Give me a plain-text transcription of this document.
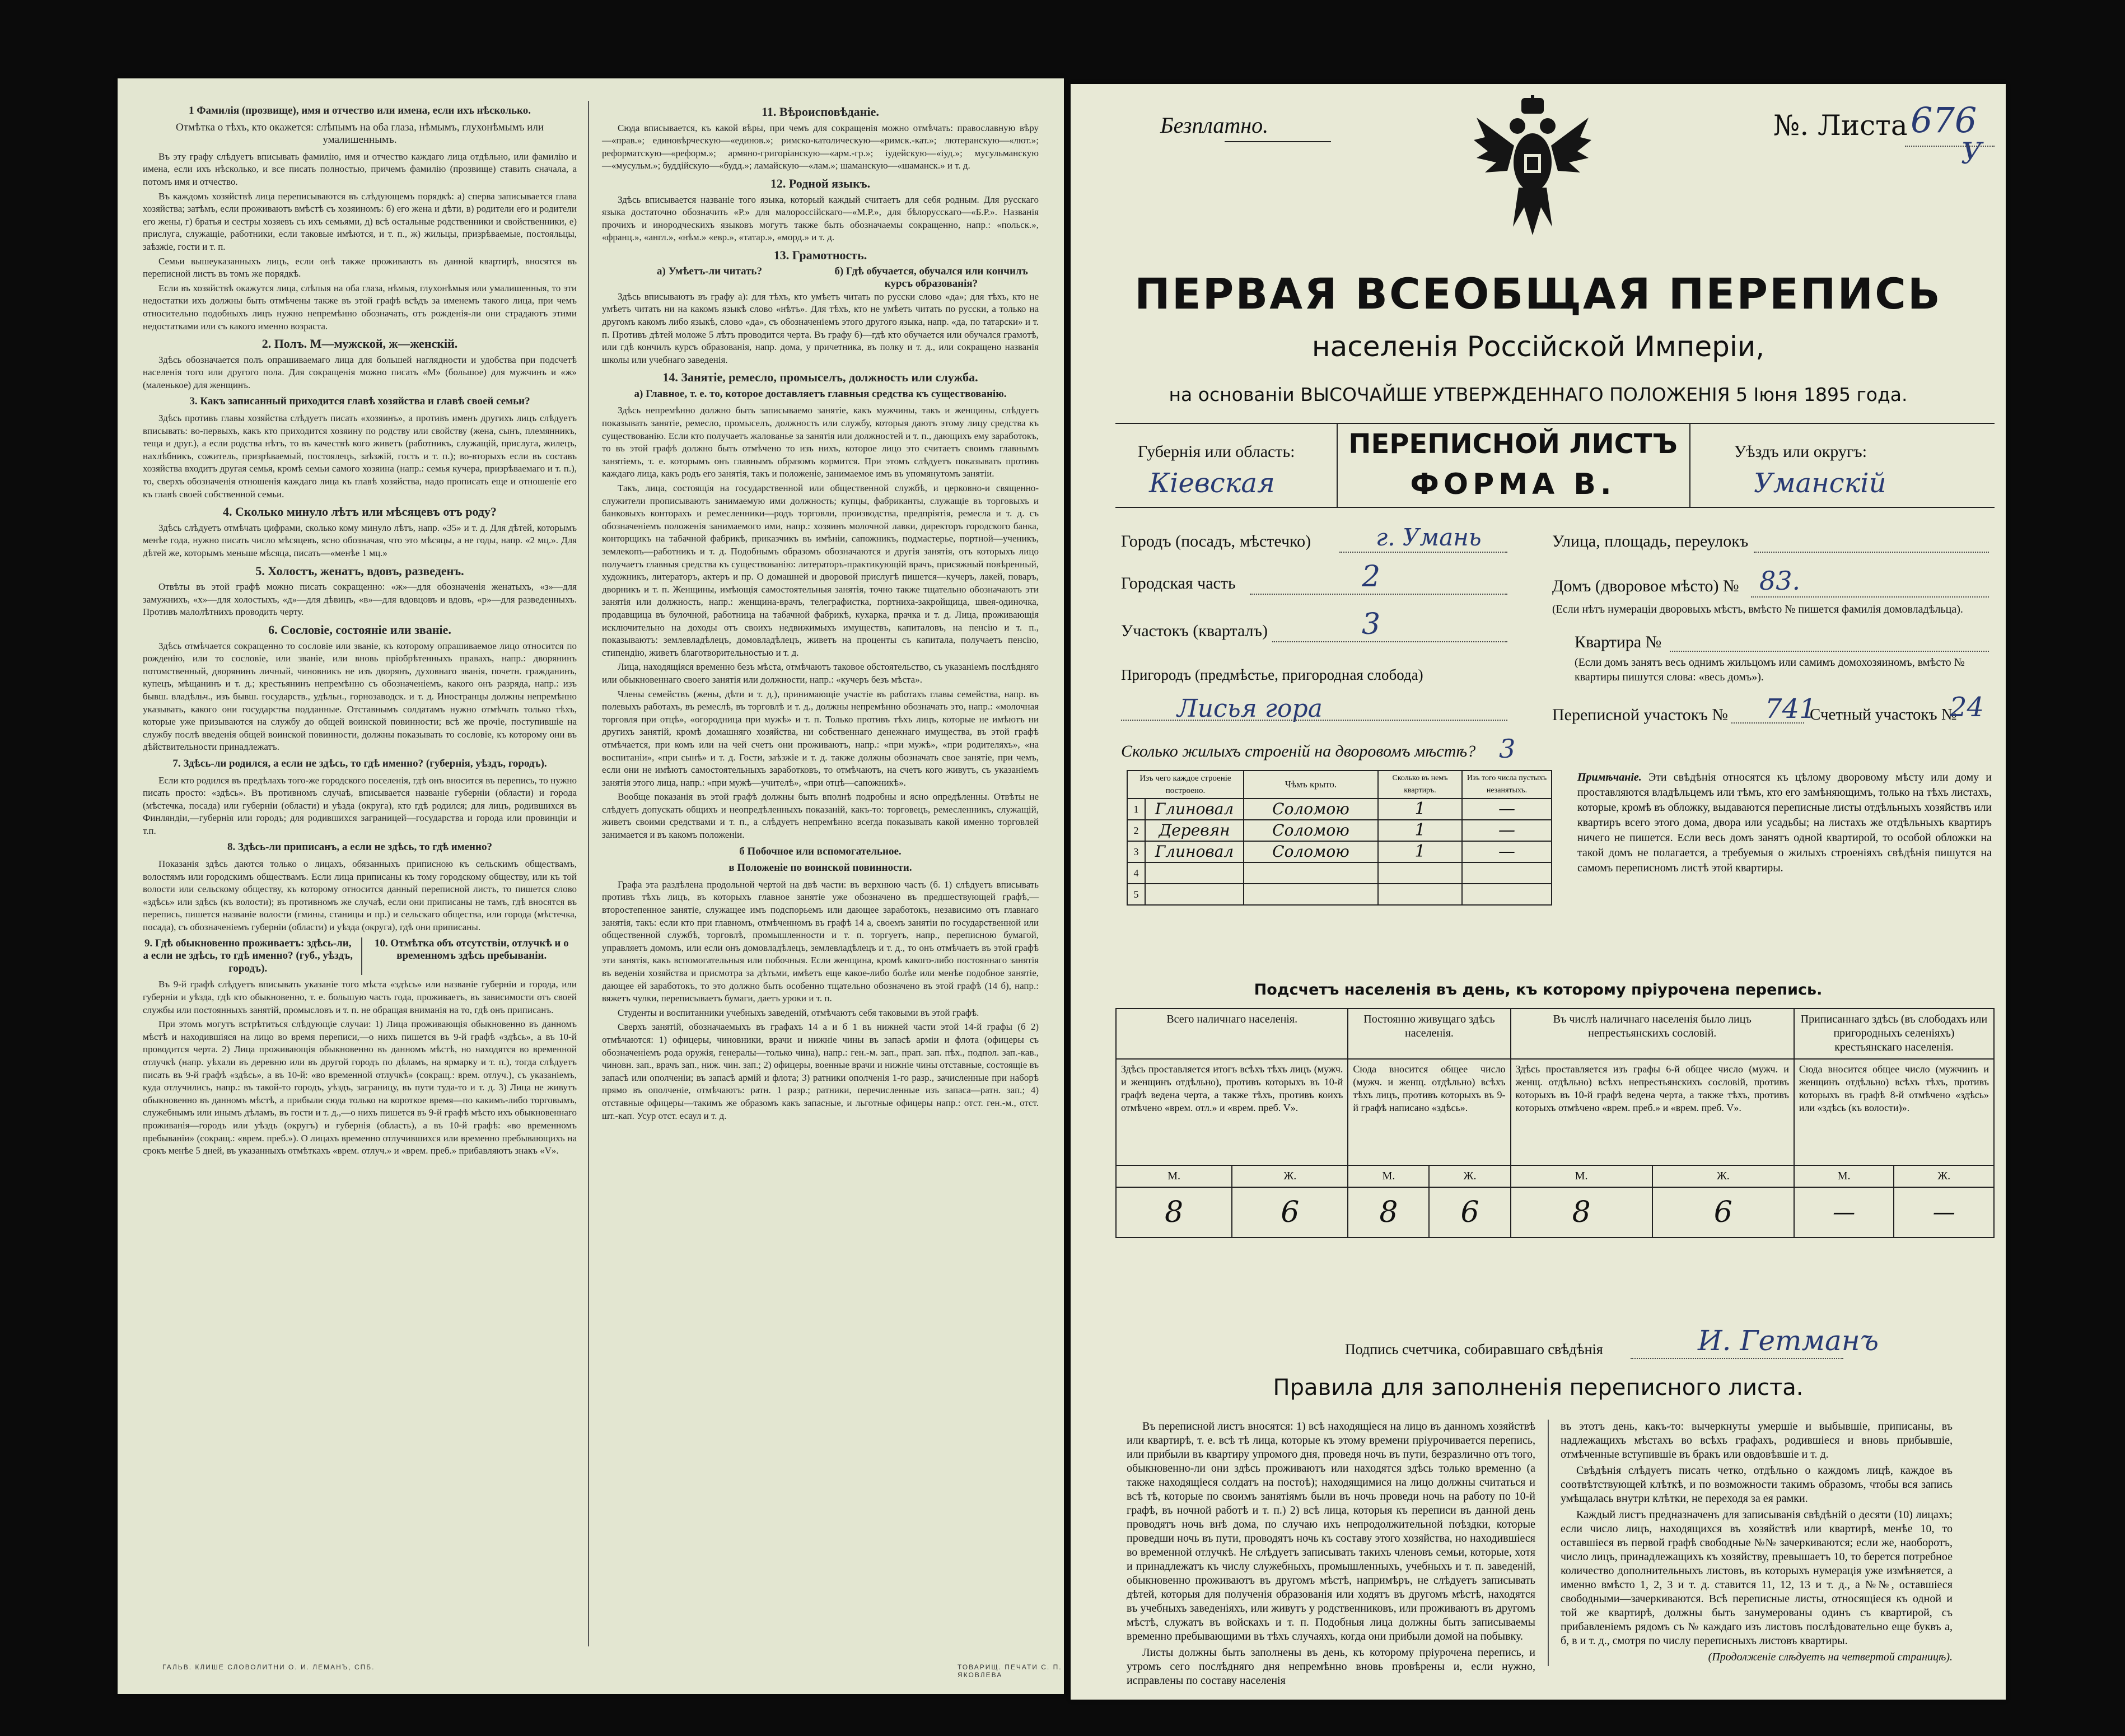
1 Фамилія (прозвище), имя и отчество или имена, если ихъ нѣсколько.
Отмѣтка о тѣхъ, кто окажется: слѣпымъ на оба глаза, нѣмымъ, глухонѣмымъ или умалишеннымъ.

Въ эту графу слѣдуетъ вписывать фамилію, имя и отчество каждаго лица отдѣльно, или фамилію и имена, если ихъ нѣсколько, и все писать полностью, причемъ фамилію (прозвище) ставить сначала, а потомъ имя и отчество.

Въ каждомъ хозяйствѣ лица переписываются въ слѣдующемъ порядкѣ: а) сперва записывается глава хозяйства; затѣмъ, если проживаютъ вмѣстѣ съ хозяиномъ: б) его жена и дѣти, в) родители его и родители его жены, г) братья и сестры хозяевъ съ ихъ семьями, д) всѣ остальные родственники и свойственники, е) прислуга, служащіе, работники, если таковые имѣются, и т. п., ж) жильцы, призрѣваемые, постояльцы, заѣзжіе, гости и т. п.

Семьи вышеуказанныхъ лицъ, если онѣ также проживаютъ въ данной квартирѣ, вносятся въ переписной листъ въ томъ же порядкѣ.

Если въ хозяйствѣ окажутся лица, слѣпыя на оба глаза, нѣмыя, глухонѣмыя или умалишенныя, то эти недостатки ихъ должны быть отмѣчены также въ этой графѣ всѣдъ за именемъ такого лица, при чемъ относительно подобныхъ лицъ нужно непремѣнно обозначать, отъ рожденія-ли они страдаютъ этими недостатками или съ какого именно возраста.

2. Полъ. М—мужской, ж—женскій.

Здѣсь обозначается полъ опрашиваемаго лица для большей наглядности и удобства при подсчетѣ населенія того или другого пола. Для сокращенія можно писать «М» (большое) для мужчинъ и «ж» (маленькое) для женщинъ.

3. Какъ записанный приходится главѣ хозяйства и главѣ своей семьи?

Здѣсь противъ главы хозяйства слѣдуетъ писать «хозяинъ», а противъ именъ другихъ лицъ слѣдуетъ вписывать: во-первыхъ, какъ кто приходится хозяину по родству или свойству (жена, сынъ, племянникъ, теща и друг.), а если родства нѣтъ, то въ качествѣ кого живетъ (работникъ, служащій, прислуга, жилецъ, нахлѣбникъ, сожитель, призрѣваемый, постоялецъ, заѣзжій, гость и т. п.); во-вторыхъ если въ составъ хозяйства входитъ другая семья, кромѣ семьи самого хозяина (напр.: семья кучера, призрѣваемаго и т. п.), то, сверхъ обозначенія отношенія каждаго лица къ главѣ хозяйства, надо прописать еще и отношеніе его къ главѣ своей собственной семьи.

4. Сколько минуло лѣтъ или мѣсяцевъ отъ роду?

Здѣсь слѣдуетъ отмѣчать цифрами, сколько кому минуло лѣтъ, напр. «35» и т. д. Для дѣтей, которымъ менѣе года, нужно писать число мѣсяцевъ, ясно обозначая, что это мѣсяцы, а не годы, напр. «2 мц.». Для дѣтей же, которымъ меньше мѣсяца, писать—«менѣе 1 мц.»

5. Холостъ, женатъ, вдовъ, разведенъ.

Отвѣты въ этой графѣ можно писать сокращенно: «ж»—для обозначенія женатыхъ, «з»—для замужнихъ, «х»—для холостыхъ, «д»—для дѣвицъ, «в»—для вдовцовъ и вдовъ, «р»—для разведенныхъ. Противъ малолѣтнихъ проводить черту.

6. Сословіе, состояніе или званіе.

Здѣсь отмѣчается сокращенно то сословіе или званіе, къ которому опрашиваемое лицо относится по рожденію, или то сословіе, или званіе, или вновь пріобрѣтенныхъ правахъ, напр.: дворянинъ потомственный, дворянинъ личный, чиновникъ не изъ дворянъ, духовнаго званія, почетн. гражданинъ, купецъ, мѣщанинъ и т. д.; крестьянинъ непремѣнно съ обозначеніемъ, какого онъ разряда, напр.: изъ бывш. владѣльч., изъ бывш. государств., удѣльн., горнозаводск. и т. д. Иностранцы должны непремѣнно указывать, какого они государства подданные. Отставнымъ солдатамъ нужно отмѣчать только тѣхъ, которые уже призываются на службу до общей воинской повинности; всѣ же прочіе, поступившіе на службу послѣ введенія общей воинской повинности, должны показывать то сословіе, къ которому они въ дѣйствительности принадлежатъ.

7. Здѣсь-ли родился, а если не здѣсь, то гдѣ именно? (губернія, уѣздъ, городъ).

Если кто родился въ предѣлахъ того-же городского поселенія, гдѣ онъ вносится въ перепись, то нужно писать просто: «здѣсь». Въ противномъ случаѣ, вписывается названіе губерніи (области) и города (мѣстечка, посада) или губерніи (области) и уѣзда (округа), кто гдѣ родился; для лицъ, родившихся въ Финляндіи,—губернія или городъ; для родившихся заграницей—государства и города или провинціи и т.п.

8. Здѣсь-ли приписанъ, а если не здѣсь, то гдѣ именно?

Показанія здѣсь даются только о лицахъ, обязанныхъ приписною къ сельскимъ обществамъ, волостямъ или городскимъ обществамъ. Если лица приписаны къ тому городскому обществу, или къ той волости или сельскому обществу, къ которому относится данный переписной листъ, то пишется слово «здѣсь» или здѣсь (къ волости); въ противномъ же случаѣ, если они приписаны не тамъ, гдѣ вносятся въ перепись, пишется названіе волости (гмины, станицы и пр.) и сельскаго общества, или города (мѣстечка, посада), съ обозначеніемъ губерніи (области) и уѣзда (округа), гдѣ они приписаны.

9. Гдѣ обыкновенно проживаетъ: здѣсь-ли, а если не здѣсь, то гдѣ именно? (губ., уѣздъ, городъ).
10. Отмѣтка объ отсутствіи, отлучкѣ и о временномъ здѣсь пребываніи.

Въ 9-й графѣ слѣдуетъ вписывать указаніе того мѣста «здѣсь» или названіе губерніи и города, или губерніи и уѣзда, гдѣ кто обыкновенно, т. е. большую часть года, проживаетъ, въ зависимости отъ своей службы или постоянныхъ занятій, промысловъ и т. п. не обращая вниманія на то, гдѣ онъ приписанъ.

При этомъ могутъ встрѣтиться слѣдующіе случаи: 1) Лица проживающія обыкновенно въ данномъ мѣстѣ и находившіяся на лицо во время переписи,—о нихъ пишется въ 9-й графѣ «здѣсь», а въ 10-й проводится черта. 2) Лица проживающія обыкновенно въ данномъ мѣстѣ, но находятся во временной отлучкѣ (напр. уѣхали въ деревню или въ другой городъ по дѣламъ, на ярмарку и т. п.), тогда слѣдуетъ писать въ 9-й графѣ «здѣсь», а въ 10-й: «во временной отлучкѣ» (сокращ.: врем. отлуч.), съ указаніемъ, куда отлучились, напр.: въ такой-то городъ, уѣздъ, заграницу, въ пути туда-то и т. д. 3) Лица не живутъ обыкновенно въ данномъ мѣстѣ, а прибыли сюда только на короткое время—по какимъ-либо торговымъ, служебнымъ или инымъ дѣламъ, въ гости и т. д.,—о нихъ пишется въ 9-й графѣ мѣсто ихъ обыкновеннаго проживанія—городъ или уѣздъ (округъ) и губернія (область), а въ 10-й графѣ: «во временномъ пребываніи» (сокращ.: «врем. преб.»). О лицахъ временно отлучившихся или временно пребывающихъ на срокъ менѣе 5 дней, въ указанныхъ отмѣткахъ «врем. отлуч.» и «врем. преб.» прибавляютъ знакъ «V».

ГАЛЬВ. КЛИШЕ СЛОВОЛИТНИ О. И. ЛЕМАНЪ, СПБ.
11. Вѣроисповѣданіе.

Сюда вписывается, къ какой вѣры, при чемъ для сокращенія можно отмѣчать: православную вѣру—«прав.»; единовѣрческую—«единов.»; римско-католическую—«римск.-кат.»; лютеранскую—«лют.»; реформатскую—«реформ.»; армяно-григоріанскую—«арм.-гр.»; іудейскую—«іуд.»; мусульманскую—«мусульм.»; буддійскую—«будд.»; ламайскую—«лам.»; шаманскую—«шаманск.» и т. д.

12. Родной языкъ.

Здѣсь вписывается названіе того языка, который каждый считаетъ для себя родным. Для русскаго языка достаточно обозначить «Р.» для малороссійскаго—«М.Р.», для бѣлорусскаго—«Б.Р.». Названія прочихъ и инородческихъ языковъ могутъ также быть обозначаемы сокращенно, напр.: «польск.», «франц.», «англ.», «нѣм.» «евр.», «татар.», «морд.» и т. д.

13. Грамотность.
а) Умѣетъ-ли читать?	б) Гдѣ обучается, обучался или кончилъ курсъ образованія?

Здѣсь вписываютъ въ графу а): для тѣхъ, кто умѣетъ читать по русски слово «да»; для тѣхъ, кто не умѣетъ читать ни на какомъ языкѣ слово «нѣтъ». Для тѣхъ, кто не умѣетъ читать по русски, а только на другомъ какомъ либо языкѣ, слово «да», съ обозначеніемъ этого другого языка, напр. «да, по татарски» и т. п. Противъ дѣтей моложе 5 лѣтъ проводится черта. Въ графу б)—гдѣ кто обучается или обучался грамотѣ, или гдѣ кончилъ курсъ образованія, напр. дома, у причетника, въ полку и т. д., или сокращено названія школы или учебнаго заведенія.

14. Занятіе, ремесло, промыселъ, должность или служба.
а) Главное, т. е. то, которое доставляетъ главныя средства къ существованію.

Здѣсь непремѣнно должно быть записываемо занятіе, какъ мужчины, такъ и женщины, слѣдуетъ показывать занятіе, ремесло, промыселъ, должность или службу, которыя даютъ этому лицу средства къ существованію. Если кто получаетъ жалованье за занятія или должностей и т. п., дающихъ ему заработокъ, то въ этой графѣ должно быть отмѣчено то изъ нихъ, которое лицо это считаетъ своимъ главнымъ занятіемъ, т. е. которымъ онъ главнымъ образомъ кормится. При этомъ слѣдуетъ показывать противъ каждаго лица, какъ родъ его занятія, такъ и положеніе, занимаемое имъ въ упомянутомъ занятіи.

Такъ, лица, состоящія на государственной или общественной службѣ, и церковно-и священно-служители прописываютъ занимаемую ими должность; купцы, фабриканты, служащіе въ торговыхъ и банковыхъ конторахъ и ремесленники—родъ торговли, производства, предпріятія, ремесла и т. д. съ обозначеніемъ положенія занимаемого ими, напр.: хозяинъ молочной лавки, директоръ городского банка, конторщикъ на табачной фабрикѣ, приказчикъ въ имѣніи, сапожникъ, подмастерье, портной—ученикъ, землекопъ—работникъ и т. д. Подобнымъ образомъ обозначаются и другія занятія, отъ которыхъ лицо получаетъ главныя средства къ существованію: литераторъ-практикующій врачъ, присяжный повѣренный, художникъ, литераторъ, актеръ и пр. О домашней и дворовой прислугѣ пишется—кучеръ, лакей, поваръ, дворникъ и т. п. Женщины, имѣющія самостоятельныя занятія, точно также тщательно обозначаютъ эти занятія или должность, напр.: женщина-врачъ, телеграфистка, портниха-закройщица, швея-одиночка, продавщица въ булочной, работница на табачной фабрикѣ, кухарка, прачка и т. д. Лица, проживающія исключительно на доходы отъ своихъ недвижимыхъ имуществъ, капиталовъ, на пенсію и т. п., показываютъ: землевладѣлецъ, домовладѣлецъ, живетъ на проценты съ капитала, получаетъ пенсію, стипендію, живетъ благотворительностью и т. д.

Лица, находящіяся временно безъ мѣста, отмѣчаютъ таковое обстоятельство, съ указаніемъ послѣдняго или обыкновеннаго своего занятія или должности, напр.: «кучеръ безъ мѣста».

Члены семействъ (жены, дѣти и т. д.), принимающіе участіе въ работахъ главы семейства, напр. въ полевыхъ работахъ, въ ремеслѣ, въ торговлѣ и т. д., должны непремѣнно обозначать это, напр.: «молочная торговля при отцѣ», «огородница при мужѣ» и т. п. Только противъ тѣхъ лицъ, которые не имѣютъ ни другихъ занятій, кромѣ домашняго хозяйства, ни собственнаго денежнаго имущества, въ этой графѣ отмѣчается, при комъ или на чей счетъ они проживаютъ, напр.: «при мужѣ», «при родителяхъ», «на воспитаніи», «при сынѣ» и т. д. Гости, заѣзжіе и т. д. также должны обозначать свое занятіе, при чемъ, если они не имѣютъ самостоятельныхъ заработковъ, то отмѣчаютъ, на счетъ кого живутъ, съ указаніемъ занятія этого лица, напр.: «при мужѣ—учителѣ», «при отцѣ—сапожникѣ».

Вообще показанія въ этой графѣ должны быть вполнѣ подробны и ясно опредѣленны. Отвѣты не слѣдуетъ допускать общихъ и неопредѣленныхъ показаній, какъ-то: торговецъ, ремесленникъ, служащій, живетъ своими средствами и т. п., а слѣдуетъ непремѣнно всегда показывать какой именно торговлей занимается и въ какомъ положеніи.

б Побочное или вспомогательное.
в Положеніе по воинской повинности.

Графа эта раздѣлена продольной чертой на двѣ части: въ верхнюю часть (б. 1) слѣдуетъ вписывать противъ тѣхъ лицъ, въ которыхъ главное занятіе уже обозначено въ предшествующей графѣ,—второстепенное занятіе, служащее имъ подспорьемъ или дающее заработокъ, независимо отъ главнаго занятія, такъ: если кто при главномъ, отмѣченномъ въ графѣ 14 а, своемъ занятіи по государственной или общественной службѣ, торговлѣ, промышленности и т. п. торгуетъ, напр., переписною бумагой, управляетъ домомъ, или если онъ домовладѣлецъ, землевладѣлецъ и т. д., то онъ отмѣчаетъ въ этой графѣ эти занятія, какъ вспомогательныя или побочныя. Если женщина, кромѣ какого-либо постояннаго занятія въ веденіи хозяйства и присмотра за дѣтьми, имѣетъ еще какое-либо болѣе или менѣе подобное занятіе, дающее ей заработокъ, то это должно быть особенно тщательно обозначено въ этой графѣ (14 б), напр.: вяжетъ чулки, переписываетъ бумаги, даетъ уроки и т. п.

Студенты и воспитанники учебныхъ заведеній, отмѣчаютъ себя таковыми въ этой графѣ.

Сверхъ занятій, обозначаемыхъ въ графахъ 14 а и б 1 въ нижней части этой 14-й графы (б 2) отмѣчаются: 1) офицеры, чиновники, врачи и нижніе чины въ запасѣ арміи и флота (офицеры съ обозначеніемъ рода оружія, генералы—только чина), напр.: ген.-м. зап., прап. зап. пѣх., подпол. зап.-кав., чиновн. зап., врачъ зап., ниж. чин. зап.; 2) офицеры, военные врачи и нижніе чины отставные, состоящіе въ запасѣ или ополченіи; въ запасѣ армій и флота; 3) ратники ополченія 1-го разр., зачисленные при наборѣ прямо въ ополченіе, отмѣчаютъ: ратн. 1 разр.; ратники, перечисленные изъ запаса—ратн. зап.; 4) отставные офицеры—такимъ же образомъ какъ запасные, и льготные офицеры напр.: отст. ген.-м., отст. шт.-кап. Усур отст. есаул и т. д.

ТОВАРИЩ. ПЕЧАТИ С. П. ЯКОВЛЕВА
Безплатно.	№. Листа 676
У
ПЕРВАЯ ВСЕОБЩАЯ ПЕРЕПИСЬ
населенія Россійской Имперіи,
на основаніи ВЫСОЧАЙШЕ УТВЕРЖДЕННАГО ПОЛОЖЕНІЯ 5 Іюня 1895 года.
Губернія или область:
Кіевская
ПЕРЕПИСНОЙ ЛИСТЪ
ФОРМА В.
Уѣздъ или округъ:
Уманскій
Городъ (посадъ, мѣстечко)	г. Умань
Городская часть	2
Участокъ (кварталъ)	3
Пригородъ (предмѣстье, пригородная слобода)
Лисья гора
Улица, площадь, переулокъ
Домъ (дворовое мѣсто) № 83.
(Если нѣтъ нумераціи дворовыхъ мѣстъ, вмѣсто № пишется фамилія домовладѣльца).
Квартира №
(Если домъ занятъ весь однимъ жильцомъ или самимъ домохозяиномъ, вмѣсто № квартиры пишутся слова: «весь домъ»).
Переписной участокъ № 741
Счетный участокъ №
24
Сколько жилыхъ строеній на дворовомъ мѣстѣ? 3
Изъ чего каждое строеніе построено.		Чѣмъ крыто.	Сколько въ немъ квартиръ.	Изъ того числа пустыхъ незанятыхъ.
1	Глиновал	Соломою	1	—
2	Деревян	Соломою	1	—
3	Глиновал	Соломою	1	—
4				
5				
Примѣчаніе. Эти свѣдѣнія относятся къ цѣлому дворовому мѣсту или дому и проставляются владѣльцемъ или тѣмъ, кто его замѣняющимъ, только на тѣхъ листахъ, которые, кромѣ въ обложку, выдаваются переписные листы отдѣльныхъ хозяйствъ или квартиръ всего этого дома, двора или усадьбы; на листахъ же отдѣльныхъ квартиръ ничего не пишется. Если весь домъ занятъ одной квартирой, то особой обложки на такой домъ не полагается, а требуемыя о жилыхъ строеніяхъ свѣдѣнія пишутся на самомъ переписномъ листѣ этой квартиры.
Подсчетъ населенія въ день, къ которому пріурочена перепись.
Всего наличнаго населенія.		Постоянно живущаго здѣсь населенія.		Въ числѣ наличнаго населенія было лицъ непрестьянскихъ сословій.		Приписаннаго здѣсь (въ слободахъ или пригородныхъ селеніяхъ) крестьянскаго населенія.	
Здѣсь проставляется итогъ всѣхъ тѣхъ лицъ (мужч. и женщинъ отдѣльно), противъ которыхъ въ 10-й графѣ ведена черта, а также тѣхъ, противъ коихъ отмѣчено «врем. отл.» и «врем. преб. V».		Сюда вносится общее число (мужч. и женщ. отдѣльно) всѣхъ тѣхъ лицъ, противъ которыхъ въ 9-й графѣ написано «здѣсь».		Здѣсь проставляется изъ графы 6-й общее число (мужч. и женщ. отдѣльно) всѣхъ непрестьянскихъ сословій, противъ которыхъ въ 10-й графѣ ведена черта, а также тѣхъ, противъ которыхъ отмѣчено «врем. преб.» и «врем. преб. V».		Сюда вносится общее число (мужчинъ и женщинъ отдѣльно) всѣхъ тѣхъ, противъ которыхъ въ графѣ 8-й отмѣчено «здѣсь» или «здѣсь (къ волости)».	
М.	Ж.	М.	Ж.	М.	Ж.	М.	Ж.
8	6	8	6	8	6	—	—
Подпись счетчика, собиравшаго свѣдѣнія	И. Гетманъ
Правила для заполненія переписного листа.
Въ переписной листъ вносятся: 1) всѣ находящіеся на лицо въ данномъ хозяйствѣ или квартирѣ, т. е. всѣ тѣ лица, которые къ этому времени пріурочивается перепись, или прибыли въ квартиру упромого дня, проведя ночь въ пути, безразлично отъ того, обыкновенно-ли они здѣсь проживаютъ или находятся здѣсь только временно (а также находящіеся солдатъ на постоѣ); находящимися на лицо должны считаться и всѣ тѣ, которые по своимъ занятіямъ были въ ночь проведи ночь на работу по 10-й графѣ, въ ночной работѣ и т. п.) 2) всѣ лица, которыя къ переписи въ данной день проводятъ ночь внѣ дома, по случаю ихъ непродолжительной поѣздки, которые проведши ночь въ пути, проводятъ ночь къ составу этого хозяйства, но находившіеся во временной отлучкѣ. Не слѣдуетъ записывать такихъ членовъ семьи, которые, хотя и принадлежатъ къ числу служебныхъ, промышленныхъ, учебныхъ и т. п. заведеній, обыкновенно проживаютъ въ другомъ мѣстѣ, напримѣръ, не слѣдуетъ записывать дѣтей, которыя для полученія образованія или ходятъ въ другомъ мѣстѣ, находятся въ учебныхъ заведеніяхъ, или живутъ у родственниковъ, или проживаютъ въ другомъ мѣстѣ, служатъ въ войскахъ и т. п. Подобныя лица должны быть записываемы временно пребывающими въ тѣхъ случаяхъ, когда они прибыли домой на побывку.
Листы должны быть заполнены въ день, къ которому пріурочена перепись, и утромъ сего послѣдняго дня непремѣнно вновь провѣрены и, если нужно, исправлены по составу населенія
въ этотъ день, какъ-то: вычеркнуты умершіе и выбывшіе, приписаны, въ надлежащихъ мѣстахъ во всѣхъ графахъ, родившіеся и вновь прибывшіе, отмѣченные вступившіе въ бракъ или овдовѣвшіе и т. д.
Свѣдѣнія слѣдуетъ писать четко, отдѣльно о каждомъ лицѣ, каждое въ соотвѣтствующей клѣткѣ, и по возможности такимъ образомъ, чтобы вся запись умѣщалась внутри клѣтки, не переходя за ея рамки.
Каждый листъ предназначенъ для записыванія свѣдѣній о десяти (10) лицахъ; если число лицъ, находящихся въ хозяйствѣ или квартирѣ, менѣе 10, то оставшіеся въ первой графѣ свободные №№ зачеркиваются; если же, наоборотъ, число лицъ, принадлежащихъ къ хозяйству, превышаетъ 10, то берется потребное количество дополнительныхъ листовъ, въ которыхъ нумерація уже измѣняется, а именно вмѣсто 1, 2, 3 и т. д. ставится 11, 12, 13 и т. д., а №№, оставшіеся свободными—зачеркиваются. Всѣ переписные листы, относящіеся къ одной и той же квартирѣ, должны быть занумерованы одинъ съ квартирой, съ прибавленіемъ рядомъ съ № каждаго изъ листовъ послѣдовательно еще буквъ а, б, в и т. д., смотря по числу переписныхъ листовъ квартиры.
(Продолженіе слѣдуетъ на четвертой страницѣ).
